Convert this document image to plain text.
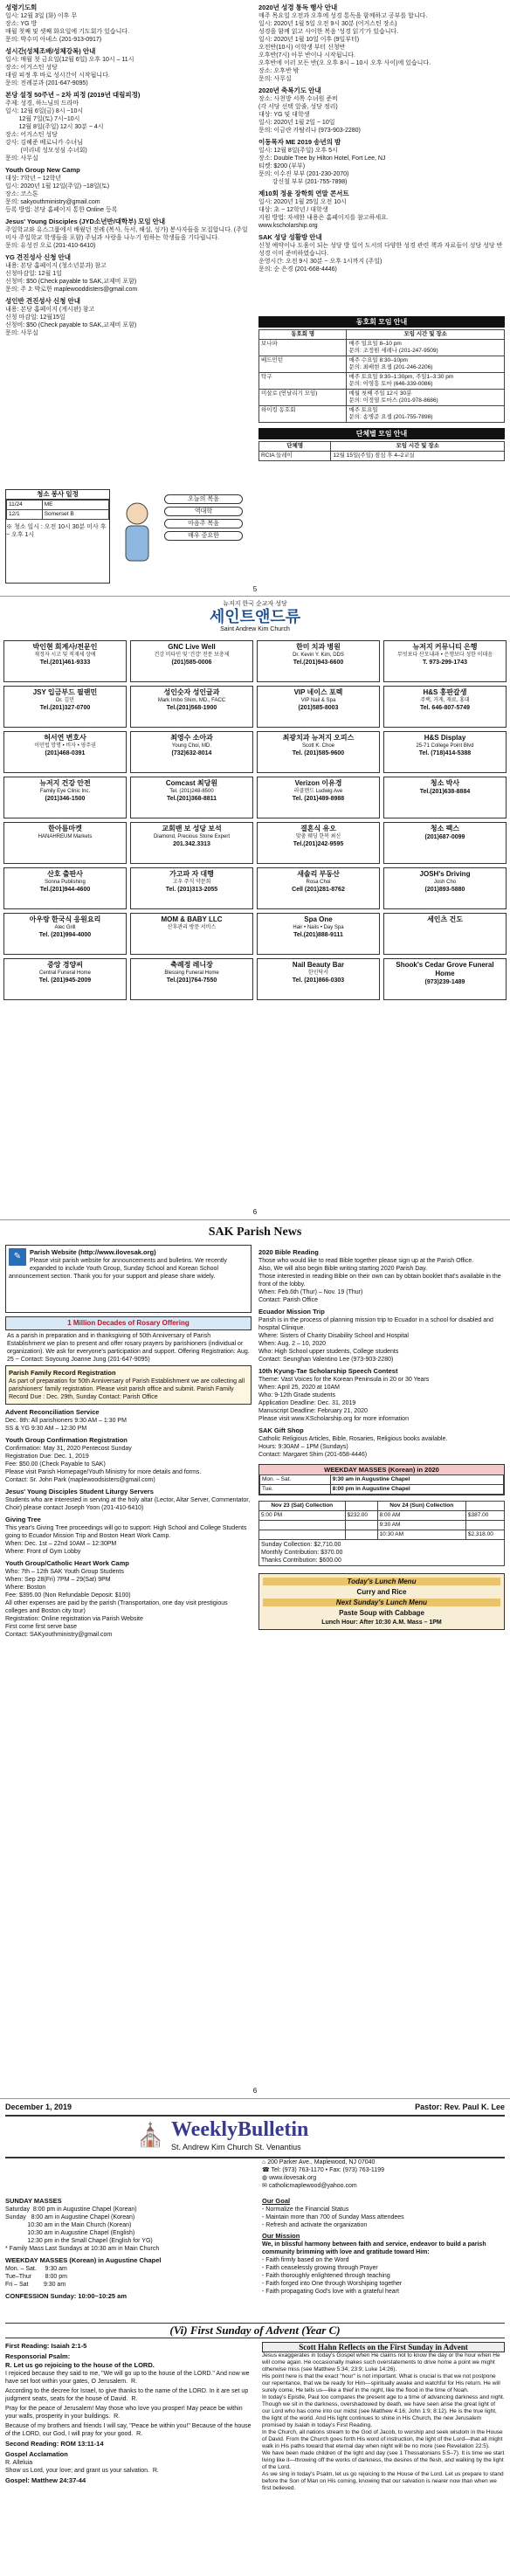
성령기도회
일시: 12월 3일 (화) 이후 무
장소: YG 방
매월 첫째 및 셋째 화요일에 기도회가 있습니다.
문의: 박수미 아녜스 (201-913-0917)
성시간(성체조배/성체강복) 안내
일시: 매월 첫 금요일(12월 6일) 오후 10시 – 11시
장소: 어거스틴 성당
대림 피정 후 바로 성시간이 시작됩니다.
문의: 전례분과 (201-647-9095)
본당 설정 50주년 – 2차 피정 (2019년 대림피정)
주제: 성경, 하느님의 드라마
일시: 12월 6일(금) 8시 ~10시
12월 7일(토) 7시~10시
12월 8일(주일) 12시 30분 ~ 4시
장소: 어거스틴 성당
강사: 김혜준 베로니카 수녀님
(미리네 성모성심 수녀회)
문의: 사무실
Youth Group New Camp
대상: 7학년 ~ 12학년
일시: 2020년 1월 12일(주일) ~18일(토)
장소: 코스톤
문의: sakyouthministry@gmail.com
등록 방법: 본당 홈페이지 통한 Online 등록
Jesus' Young Disciples (JYD소년반/대학부) 모임 안내
주일학교와 유스그룹에서 배웠던 전례 (복사, 독서, 해설, 성가) 봉사자들을 모집합니다. (주일 미사 주일학교 학생들을 포함) 주님과 사랑을 나누기 원하는 학생들을 기다립니다.
문의: 유성진 오로 (201-410-6410)
YG 견진성사 신청 안내
내용: 본당 홈페이지 (청소년분과) 참고
신청마감일: 12월 1일
신청비: $50 (Check payable to SAK,교제비 포함)
문의: 주 J: 박로한 maplewooddisters@gmail.com
성인반 견진성사 신청 안내
내용: 본당 홈페이지 (게시판) 참고
신청 마감일: 12월15일
신청비: $50 (Check payable to SAK,교제비 포함)
문의: 사무실
청소 봉사 일정
11/24	ME
12/1	Somerset B
※ 청소 일시 : 오전 10시 30분 미사 후 ~ 오후 1시
오늘의 복음
역대학
마음주 복음
매우 중요한
2020년 성경 통독 행사 안내
매주 목요일 오전과 오후에 성경 통독을 함께하고 공부를 합니다.
일시: 2020년 1월 5일 오전 9시 30분 (어거스틴 장소)
성경을 함께 읽고 사이한 복음 '성경 읽기'가 있습니다.
일시: 2020년 1월 10일 이후 (9일부터)
오전반(10시) 이학생 부터 신청반
오후반(7시) 아무 반이나 시작됩니다.
오후반에 이러 모든 반(오 오후 8시 – 10시 오후 사이)에 있습니다.
장소: 오후반 밖
문의: 사무실
2020년 축복기도 안내
장소: 사천방 서쪽 수녀원 준비
(각 서당 선택 앞줄, 성당 정리)
대상: YG 및 대학생
일시: 2020년 1월 2일 ~ 10일
문의: 이금란 카탈리나 (973-903-2280)
이동목자 ME 2019 송년의 밤
일시: 12월 8일(주일) 오후 5시
장소: Double Tree by Hilton Hotel, Fort Lee, NJ
티켓: $200 (부부)
문의: 이수진 부부 (201-230-2070)
강신철 부부 (201-755-7898)
제10회 정윤 장학회 연말 콘서트
일시: 2020년 1월 25일 오전 10시
대상: 초 ~ 12학년 / 대학생
지원 방법: 자세한 내용은 홈페이지를 참고하세요.
www.kscholarship.org
SAK 성당 성활방 안내
신청 예약이나 도움이 되는 성당 방 일어 도서의 다양한 성경 관련 책과 자료들이 성당 성당 반 성경 이미 준비하였습니다.
운영시간: 오전 9시 30분 ~ 오후 1시까지 (주일)
문의: 순 은경 (201-668-4446)
동호회 모임 안내
동호회 명	모임 시간 및 장소
보나파	매주 일요일 8–10 pm
문의: 조정원 세레나 (201-247-9509)
배드민턴	매주 수요일 8:30–10pm
문의: 최배현 요셉 (201-246-2206)
탁구	매주 토요일 9:30–1:30pm, 주일1–3:30 pm
문의: 이영흥 토마 (646-339-0086)
미살로 (연날리기 모임)	매월 첫째 주일 12시 30분
문의: 이정열 토마스 (201-978-8686)
하이킹 동호회	매주 토요일
문의: 송병준 요셉 (201-755-7898)
단체별 모임 안내
단체명	모임 시간 및 장소
RCIA 들레이	12월 15일(주일) 점심 후 4–2교실
5
뉴저지 한국 순교자 성당
세인트앤드류
Saint Andrew Kim Church
박인현 회계사/전문인
재정자 시고 및 적재세 상애
Tel.(201)461-9333
GNC Live Well
건강 비타민 및 '건강' 전문 보충제
(201)585-0006
한미 치과 병원
Dr. Kevin Y. Kim, DDS
Tel.(201)943-6600
뉴저지 커뮤니티 은행
무엇보다 산모내과 • 은행보다 성한 이데음
T. 973-299-1743
JSY 입금부드 필랜민
Dr. 김민
Tel.(201)327-0700
성인숫자 성인글과
Mark Imbo Shim, MD., FACC
Tel.(201)568-1900
VIP 네이스 포렉
VIP Nail & Spa
(201)585-8003
H&S 홍판갈생
주택, 거게, 재료, 홍대
Tel. 646-807-5749
허서연 변호사
이민법 망명 • 비자 • 영주권
(201)468-0391
최영수 소아과
Young Choi, MD.
(732)632-8014
최광치과 뉴저지 오피스
Scott K. Choe
Tel. (201)585-9600
H&S Display
25-71 College Point Blvd
Tel. (718)414-5388
뉴저지 건강 안전
Family Eye Clinic Inc.
(201)346-1500
Comcast 최당원
Tel. (201)248-8500
Tel.(201)368-8811
Verizon 이유경
라클랜드 Ludwig Ave
Tel. (201)489-8988
청소 박사
Tel.(201)638-8884
한아름마켓
HANAHREUM Markets
교회밴 보 성당 보석
Diamond, Precious Stone Expert
201.342.3313
결혼식 유오
맞춤 웨딩 한복 최신
Tel.(201)242-9595
청소 팩스
(201)687-0099
산호 출판사
Sonna Publishing
Tel.(201)944-4600
가고파 자 대행
고우 주식 약문회
Tel. (201)313-2055
새솔리 부동산
Rosa Choi
Cell (201)281-8762
JOSH's Driving
Josh Cho
(201)893-5880
아우랑 한국식 응원요리
Alec Grill
Tel. (201)994-4000
MOM & BABY LLC
산후관리 방문 서비스
Spa One
Hair • Nails • Day Spa
Tel.(201)888-9111
세인츠 건도
중앙 경양씨
Central Funeral Home
Tel. (201)945-2009
축례정 레니장
Blessing Funeral Home
Tel.(201)764-7550
Nail Beauty Bar
한인닥서
Tel. (201)866-0303
Shook's Cedar Grove Funeral Home
(973)239-1489
6
SAK Parish News
✎	Parish Website (http://www.ilovesak.org)
Please visit parish website for announcements and bulletins. We recently expanded to include Youth Group, Sunday School and Korean School announcement section. Thank you for your support and please share widely.
1 Million Decades of Rosary Offering
As a parish in preparation and in thanksgiving of 50th Anniversary of Parish Establishment we plan to present and offer rosary prayers by parishioners (individual or organization). We ask for everyone's participation and support. Offering Registration: Aug. 25 ~ Contact: Soyoung Joanne Jung (201-647-9095)
Parish Family Record Registration
As part of preparation for 50th Anniversary of Parish Establishment we are collecting all parishioners' family registration. Please visit parish office and submit. Parish Family Record Due : Dec. 29th, Sunday Contact: Parish Office
Advent Reconciliation Service
Dec. 8th: All parishioners 9:30 AM – 1:30 PM
SS & YG 9:30 AM – 12:30 PM
Youth Group Confirmation Registration
Confirmation: May 31, 2020 Pentecost Sunday
Registration Due: Dec. 1, 2019
Fee: $50.00 (Check Payable to SAK)
Please visit Parish Homepage/Youth Ministry for more details and forms.
Contact: Sr. John Park (maplewoodsisters@gmail.com)
Jesus' Young Disciples Student Liturgy Servers
Students who are interested in serving at the holy altar (Lector, Altar Server, Commentator, Choir) please contact Joseph Yoon (201-410-6410)
Giving Tree
This year's Giving Tree proceedings will go to support: High School and College Students going to Ecuador Mission Trip and Boston Heart Work Camp.
When: Dec. 1st – 22nd 10AM – 12:30PM
Where: Front of Gym Lobby
Youth Group/Catholic Heart Work Camp
Who: 7th – 12th SAK Youth Group Students
When: Sep 28(Fri) 7PM – 29(Sat) 9PM
Where: Boston
Fee: $395.00 (Non Refundable Deposit: $100)
All other expenses are paid by the parish (Transportation, one day visit prestigious colleges and Boston city tour)
Registration: Online registration via Parish Website
First come first serve base
Contact: SAKyouthministry@gmail.com
2020 Bible Reading
Those who would like to read Bible together please sign up at the Parish Office.
Also, We will also begin Bible writing starting 2020 Parish Day.
Those interested in reading Bible on their own can by obtain booklet that's available in the front of the lobby.
When: Feb.6th (Thur) – Nov. 19 (Thur)
Contact: Parish Office
Ecuador Mission Trip
Parish is in the process of planning mission trip to Ecuador in a school for disabled and hospital Clinique.
Where: Sisters of Charity Disability School and Hospital
When: Aug. 2 – 10, 2020
Who: High School upper students, College students
Contact: Seunghan Valentino Lee (973-903-2280)
10th Kyung-Tae Scholarship Speech Contest
Theme: Vast Voices for the Korean Peninsula in 20 or 30 Years
When: April 25, 2020 at 10AM
Who: 9-12th Grade students
Application Deadline: Dec. 31, 2019
Manuscript Deadline: February 21, 2020
Please visit www.KScholarship.org for more information
SAK Gift Shop
Catholic Religious Articles, Bible, Rosaries, Religious books available.
Hours: 9:30AM – 1PM (Sundays)
Contact: Margaret Shim (201-658-4446)
WEEKDAY MASSES (Korean) in 2020
Mon. – Sat.	9:30 am in Augustine Chapel
Tue.	8:00 pm in Augustine Chapel
Nov 23 (Sat) Collection		Nov 24 (Sun) Collection	
5:00 PM	$232.00	8:00 AM	$387.00
		9:30 AM	
		10:30 AM	$2,318.00

Sunday Collection: $2,710.00
Monthly Contribution: $370.00
Thanks Contribution: $600.00			
Today's Lunch Menu
Curry and Rice
Next Sunday's Lunch Menu
Paste Soup with Cabbage
Lunch Hour: After 10:30 A.M. Mass – 1PM
6
December 1, 2019	Pastor: Rev. Paul K. Lee
⛪ WeeklyBulletin
St. Andrew Kim Church St. Venantius
⌂ 200 Parker Ave., Maplewood, NJ 07040
☎ Tel: (973) 763-1170 • Fax: (973) 763-1199
◍ www.ilovesak.org
✉ catholicmaplewood@yahoo.com
SUNDAY MASSES
Saturday  8:00 pm in Augustine Chapel (Korean)
Sunday   8:00 am in Augustine Chapel (Korean)
10:30 am in the Main Church (Korean)
10:30 am in Augustine Chapel (English)
12:30 pm in the Small Chapel (English for YG)
* Family Mass Last Sundays at 10:30 am in Main Church
WEEKDAY MASSES (Korean) in Augustine Chapel
Mon. – Sat.     9:30 am
Tue–Thur        8:00 pm
Fri – Sat         9:30 am
CONFESSION Sunday: 10:00~10:25 am
Our Goal
- Normalize the Financial Status
- Maintain more than 700 of Sunday Mass attendees
- Refresh and activate the organization
Our Mission
We, in blissful harmony between faith and service, endeavor to build a parish community brimming with love and gratitude toward Him:
- Faith firmly based on the Word
- Faith ceaselessly growing through Prayer
- Faith thoroughly enlightened through teaching
- Faith forged into One through Worshiping together
- Faith propagating God's love with a grateful heart
(Vi) First Sunday of Advent (Year C)
First Reading: Isaiah 2:1-5
Responsorial Psalm:
R. Let us go rejoicing to the house of the LORD.
I rejoiced because they said to me, "We will go up to the house of the LORD." And now we have set foot within your gates, O Jerusalem.  R.
According to the decree for Israel, to give thanks to the name of the LORD. In it are set up judgment seats, seats for the house of David.  R.
Pray for the peace of Jerusalem! May those who love you prosper! May peace be within your walls, prosperity in your buildings.  R.
Because of my brothers and friends I will say, "Peace be within you!" Because of the house of the LORD, our God, I will pray for your good.  R.
Second Reading: ROM 13:11-14
Gospel Acclamation
R. Alleluia
Show us Lord, your love; and grant us your salvation.  R.
Gospel: Matthew 24:37-44
Scott Hahn Reflects on the First Sunday in Advent
Jesus exaggerates in today's Gospel when He claims not to know the day or the hour when He will come again. He occasionally makes such overstatements to drive home a point we might otherwise miss (see Matthew 5:34; 23:9; Luke 14:26).
His point here is that the exact "hour" is not important. What is crucial is that we not postpone our repentance, that we be ready for Him—spiritually awake and watchful for His return. He will surely come, He tells us—like a thief in the night, like the flood in the time of Noah.
In today's Epistle, Paul too compares the present age to a time of advancing darkness and night.
Though we sit in the darkness, overshadowed by death, we have seen arise the great light of our Lord who has come into our midst (see Matthew 4:16; John 1:9; 8:12). He is the true light, the light of the world. And His light continues to shine in His Church, the new Jerusalem promised by Isaiah in today's First Reading.
In the Church, all nations stream to the God of Jacob, to worship and seek wisdom in the House of David. From the Church goes forth His word of instruction, the light of the Lord—that all might walk in His paths toward that eternal day when night will be no more (see Revelation 22:5).
We have been made children of the light and day (see 1 Thessalonians 5:5–7). It is time we start living like it—throwing off the works of darkness, the desires of the flesh, and walking by the light of the Lord.
As we sing in today's Psalm, let us go rejoicing to the House of the Lord. Let us prepare to stand before the Son of Man on His coming, knowing that our salvation is nearer now than when we first believed.
